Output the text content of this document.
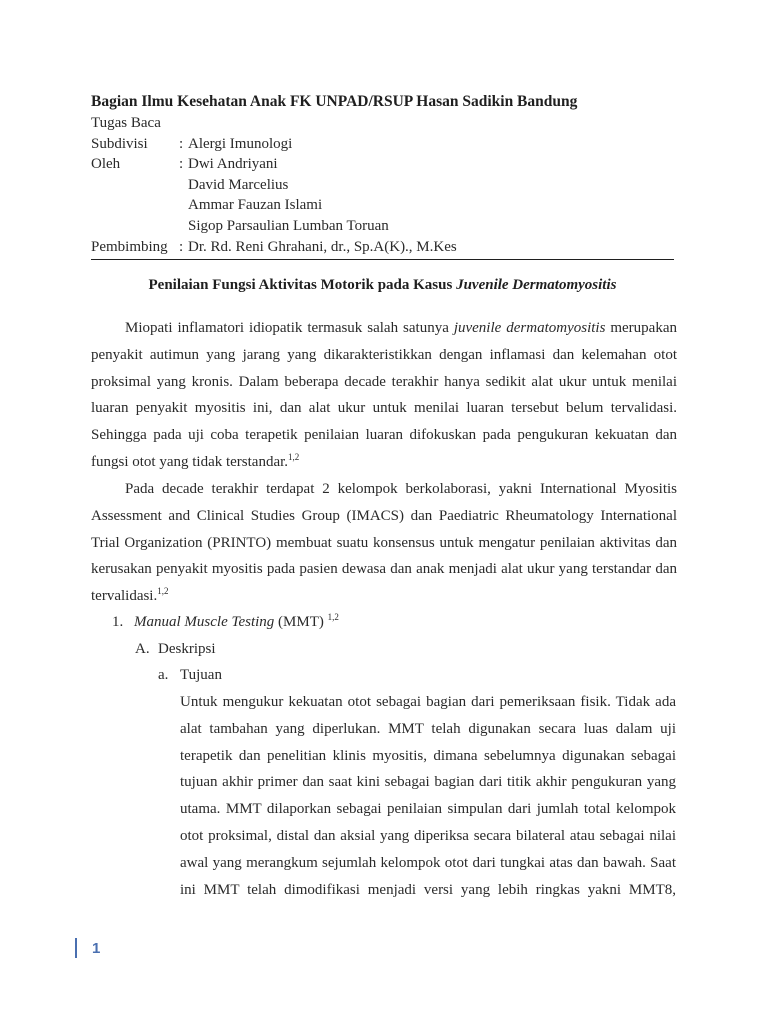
Bagian Ilmu Kesehatan Anak FK UNPAD/RSUP Hasan Sadikin Bandung
Tugas Baca
Subdivisi	: Alergi Imunologi
Oleh	: Dwi Andriyani
David Marcelius
Ammar Fauzan Islami
Sigop Parsaulian Lumban Toruan
Pembimbing : Dr. Rd. Reni Ghrahani, dr., Sp.A(K)., M.Kes
Penilaian Fungsi Aktivitas Motorik pada Kasus Juvenile Dermatomyositis
Miopati inflamatori idiopatik termasuk salah satunya juvenile dermatomyositis merupakan
penyakit autimun yang jarang yang dikarakteristikkan dengan inflamasi dan kelemahan otot
proksimal yang kronis. Dalam beberapa decade terakhir hanya sedikit alat ukur untuk menilai
luaran penyakit myositis ini, dan alat ukur untuk menilai luaran tersebut belum tervalidasi.
Sehingga pada uji coba terapetik penilaian luaran difokuskan pada pengukuran kekuatan dan
fungsi otot yang tidak terstandar.$^{1,2}$
Pada decade terakhir terdapat 2 kelompok berkolaborasi, yakni International Myositis
Assessment and Clinical Studies Group (IMACS) dan Paediatric Rheumatology International
Trial Organization (PRINTO) membuat suatu konsensus untuk mengatur penilaian aktivitas dan
kerusakan penyakit myositis pada pasien dewasa dan anak menjadi alat ukur yang terstandar dan
tervalidasi.$^{1,2}$
1. Manual Muscle Testing (MMT) $^{1,2}$
A. Deskripsi
a. Tujuan
Untuk mengukur kekuatan otot sebagai bagian dari pemeriksaan fisik. Tidak ada
alat tambahan yang diperlukan. MMT telah digunakan secara luas dalam uji
terapetik dan penelitian klinis myositis, dimana sebelumnya digunakan sebagai
tujuan akhir primer dan saat kini sebagai bagian dari titik akhir pengukuran yang
utama. MMT dilaporkan sebagai penilaian simpulan dari jumlah total kelompok
otot proksimal, distal dan aksial yang diperiksa secara bilateral atau sebagai nilai
awal yang merangkum sejumlah kelompok otot dari tungkai atas dan bawah. Saat
ini MMT telah dimodifikasi menjadi versi yang lebih ringkas yakni MMT8,
1
